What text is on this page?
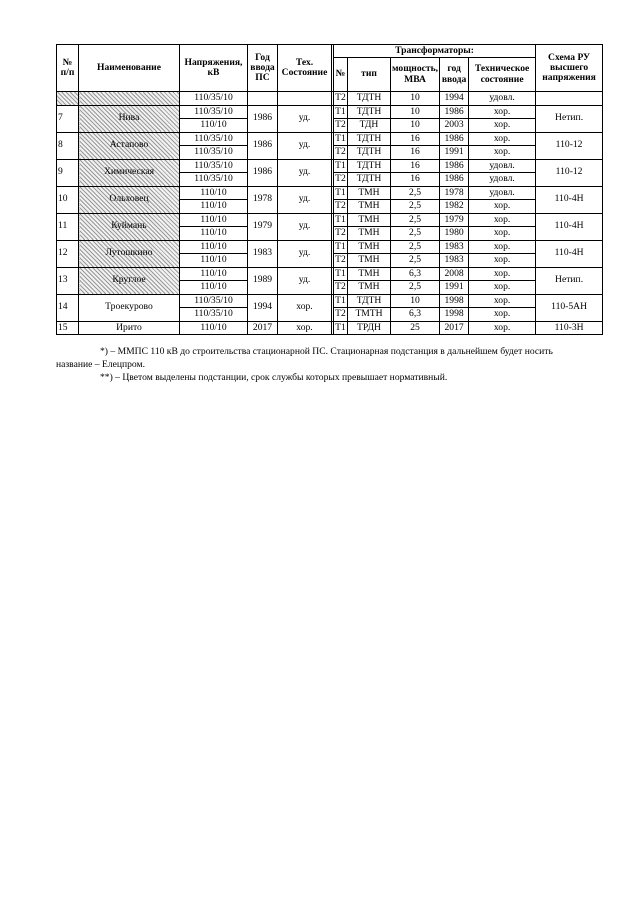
№ п/п	Наименование	Напряжения, кВ	Год ввода ПС	Тех. Состояние		Трансформаторы:					Схема РУ высшего напряжения
						№	тип	мощность, МВА	год ввода	Техническое состояние	
		110/35/10				Т2	ТДТН	10	1994	удовл.	
7	Нива	110/35/10	1986	уд.		Т1	ТДТН	10	1986	хор.	Нетип.
		110/10				Т2	ТДН	10	2003	хор.	
8	Астапово	110/35/10	1986	уд.		Т1	ТДТН	16	1986	хор.	110-12
		110/35/10				Т2	ТДТН	16	1991	хор.	
9	Химическая	110/35/10	1986	уд.		Т1	ТДТН	16	1986	удовл.	110-12
		110/35/10				Т2	ТДТН	16	1986	удовл.	
10	Ольховец	110/10	1978	уд.		Т1	ТМН	2,5	1978	удовл.	110-4Н
		110/10				Т2	ТМН	2,5	1982	хор.	
11	Куймань	110/10	1979	уд.		Т1	ТМН	2,5	1979	хор.	110-4Н
		110/10				Т2	ТМН	2,5	1980	хор.	
12	Лутошкино	110/10	1983	уд.		Т1	ТМН	2,5	1983	хор.	110-4Н
		110/10				Т2	ТМН	2,5	1983	хор.	
13	Круглое	110/10	1989	уд.		Т1	ТМН	6,3	2008	хор.	Нетип.
		110/10				Т2	ТМН	2,5	1991	хор.	
14	Троекурово	110/35/10	1994	хор.		Т1	ТДТН	10	1998	хор.	110-5АН
		110/35/10				Т2	ТМТН	6,3	1998	хор.	
15	Ирито	110/10	2017	хор.		Т1	ТРДН	25	2017	хор.	110-3Н

*) – ММПС 110 кВ до строительства стационарной ПС. Стационарная подстанция в дальнейшем будет носить

название – Елецпром.

**) – Цветом выделены подстанции, срок службы которых превышает нормативный.
